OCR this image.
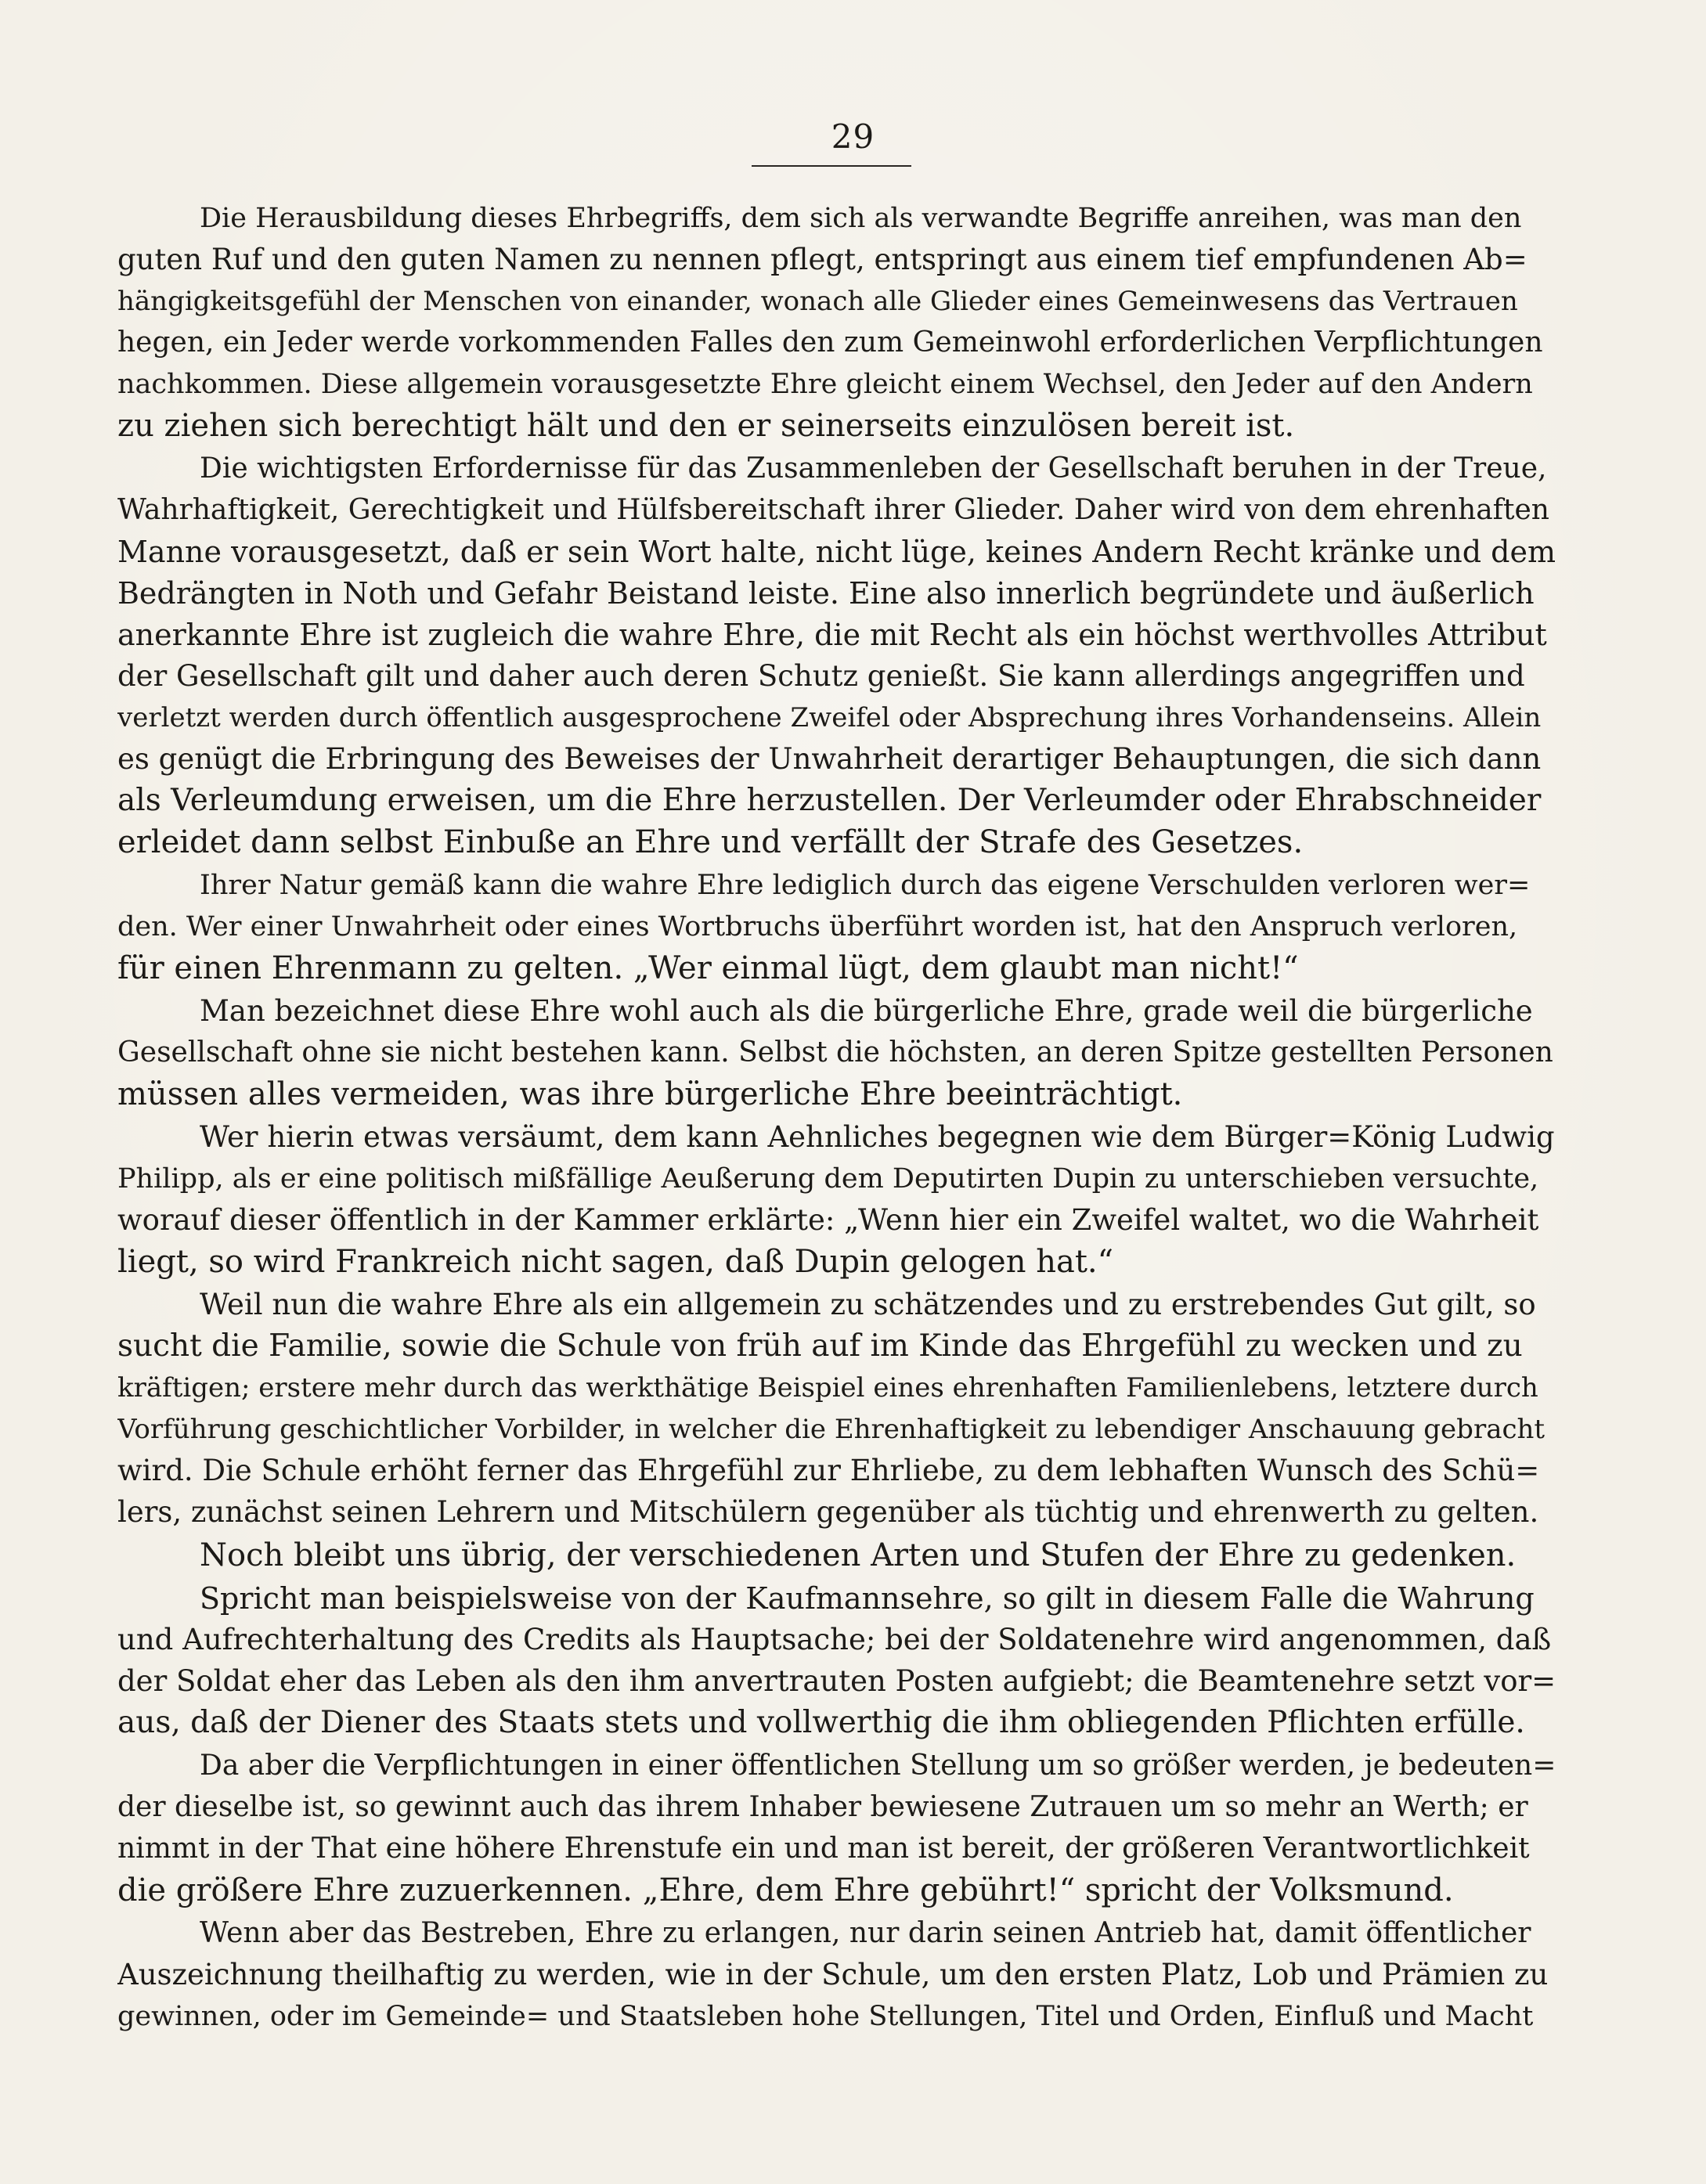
29
Die Herausbildung dieses Ehrbegriffs, dem sich als verwandte Begriffe anreihen, was man den
guten Ruf und den guten Namen zu nennen pflegt, entspringt aus einem tief empfundenen Ab=
hängigkeitsgefühl der Menschen von einander, wonach alle Glieder eines Gemeinwesens das Vertrauen
hegen, ein Jeder werde vorkommenden Falles den zum Gemeinwohl erforderlichen Verpflichtungen
nachkommen. Diese allgemein vorausgesetzte Ehre gleicht einem Wechsel, den Jeder auf den Andern
zu ziehen sich berechtigt hält und den er seinerseits einzulösen bereit ist.
Die wichtigsten Erfordernisse für das Zusammenleben der Gesellschaft beruhen in der Treue,
Wahrhaftigkeit, Gerechtigkeit und Hülfsbereitschaft ihrer Glieder. Daher wird von dem ehrenhaften
Manne vorausgesetzt, daß er sein Wort halte, nicht lüge, keines Andern Recht kränke und dem
Bedrängten in Noth und Gefahr Beistand leiste. Eine also innerlich begründete und äußerlich
anerkannte Ehre ist zugleich die wahre Ehre, die mit Recht als ein höchst werthvolles Attribut
der Gesellschaft gilt und daher auch deren Schutz genießt. Sie kann allerdings angegriffen und
verletzt werden durch öffentlich ausgesprochene Zweifel oder Absprechung ihres Vorhandenseins. Allein
es genügt die Erbringung des Beweises der Unwahrheit derartiger Behauptungen, die sich dann
als Verleumdung erweisen, um die Ehre herzustellen. Der Verleumder oder Ehrabschneider
erleidet dann selbst Einbuße an Ehre und verfällt der Strafe des Gesetzes.
Ihrer Natur gemäß kann die wahre Ehre lediglich durch das eigene Verschulden verloren wer=
den. Wer einer Unwahrheit oder eines Wortbruchs überführt worden ist, hat den Anspruch verloren,
für einen Ehrenmann zu gelten. „Wer einmal lügt, dem glaubt man nicht!“
Man bezeichnet diese Ehre wohl auch als die bürgerliche Ehre, grade weil die bürgerliche
Gesellschaft ohne sie nicht bestehen kann. Selbst die höchsten, an deren Spitze gestellten Personen
müssen alles vermeiden, was ihre bürgerliche Ehre beeinträchtigt.
Wer hierin etwas versäumt, dem kann Aehnliches begegnen wie dem Bürger=König Ludwig
Philipp, als er eine politisch mißfällige Aeußerung dem Deputirten Dupin zu unterschieben versuchte,
worauf dieser öffentlich in der Kammer erklärte: „Wenn hier ein Zweifel waltet, wo die Wahrheit
liegt, so wird Frankreich nicht sagen, daß Dupin gelogen hat.“
Weil nun die wahre Ehre als ein allgemein zu schätzendes und zu erstrebendes Gut gilt, so
sucht die Familie, sowie die Schule von früh auf im Kinde das Ehrgefühl zu wecken und zu
kräftigen; erstere mehr durch das werkthätige Beispiel eines ehrenhaften Familienlebens, letztere durch
Vorführung geschichtlicher Vorbilder, in welcher die Ehrenhaftigkeit zu lebendiger Anschauung gebracht
wird. Die Schule erhöht ferner das Ehrgefühl zur Ehrliebe, zu dem lebhaften Wunsch des Schü=
lers, zunächst seinen Lehrern und Mitschülern gegenüber als tüchtig und ehrenwerth zu gelten.
Noch bleibt uns übrig, der verschiedenen Arten und Stufen der Ehre zu gedenken.
Spricht man beispielsweise von der Kaufmannsehre, so gilt in diesem Falle die Wahrung
und Aufrechterhaltung des Credits als Hauptsache; bei der Soldatenehre wird angenommen, daß
der Soldat eher das Leben als den ihm anvertrauten Posten aufgiebt; die Beamtenehre setzt vor=
aus, daß der Diener des Staats stets und vollwerthig die ihm obliegenden Pflichten erfülle.
Da aber die Verpflichtungen in einer öffentlichen Stellung um so größer werden, je bedeuten=
der dieselbe ist, so gewinnt auch das ihrem Inhaber bewiesene Zutrauen um so mehr an Werth; er
nimmt in der That eine höhere Ehrenstufe ein und man ist bereit, der größeren Verantwortlichkeit
die größere Ehre zuzuerkennen. „Ehre, dem Ehre gebührt!“ spricht der Volksmund.
Wenn aber das Bestreben, Ehre zu erlangen, nur darin seinen Antrieb hat, damit öffentlicher
Auszeichnung theilhaftig zu werden, wie in der Schule, um den ersten Platz, Lob und Prämien zu
gewinnen, oder im Gemeinde= und Staatsleben hohe Stellungen, Titel und Orden, Einfluß und Macht
